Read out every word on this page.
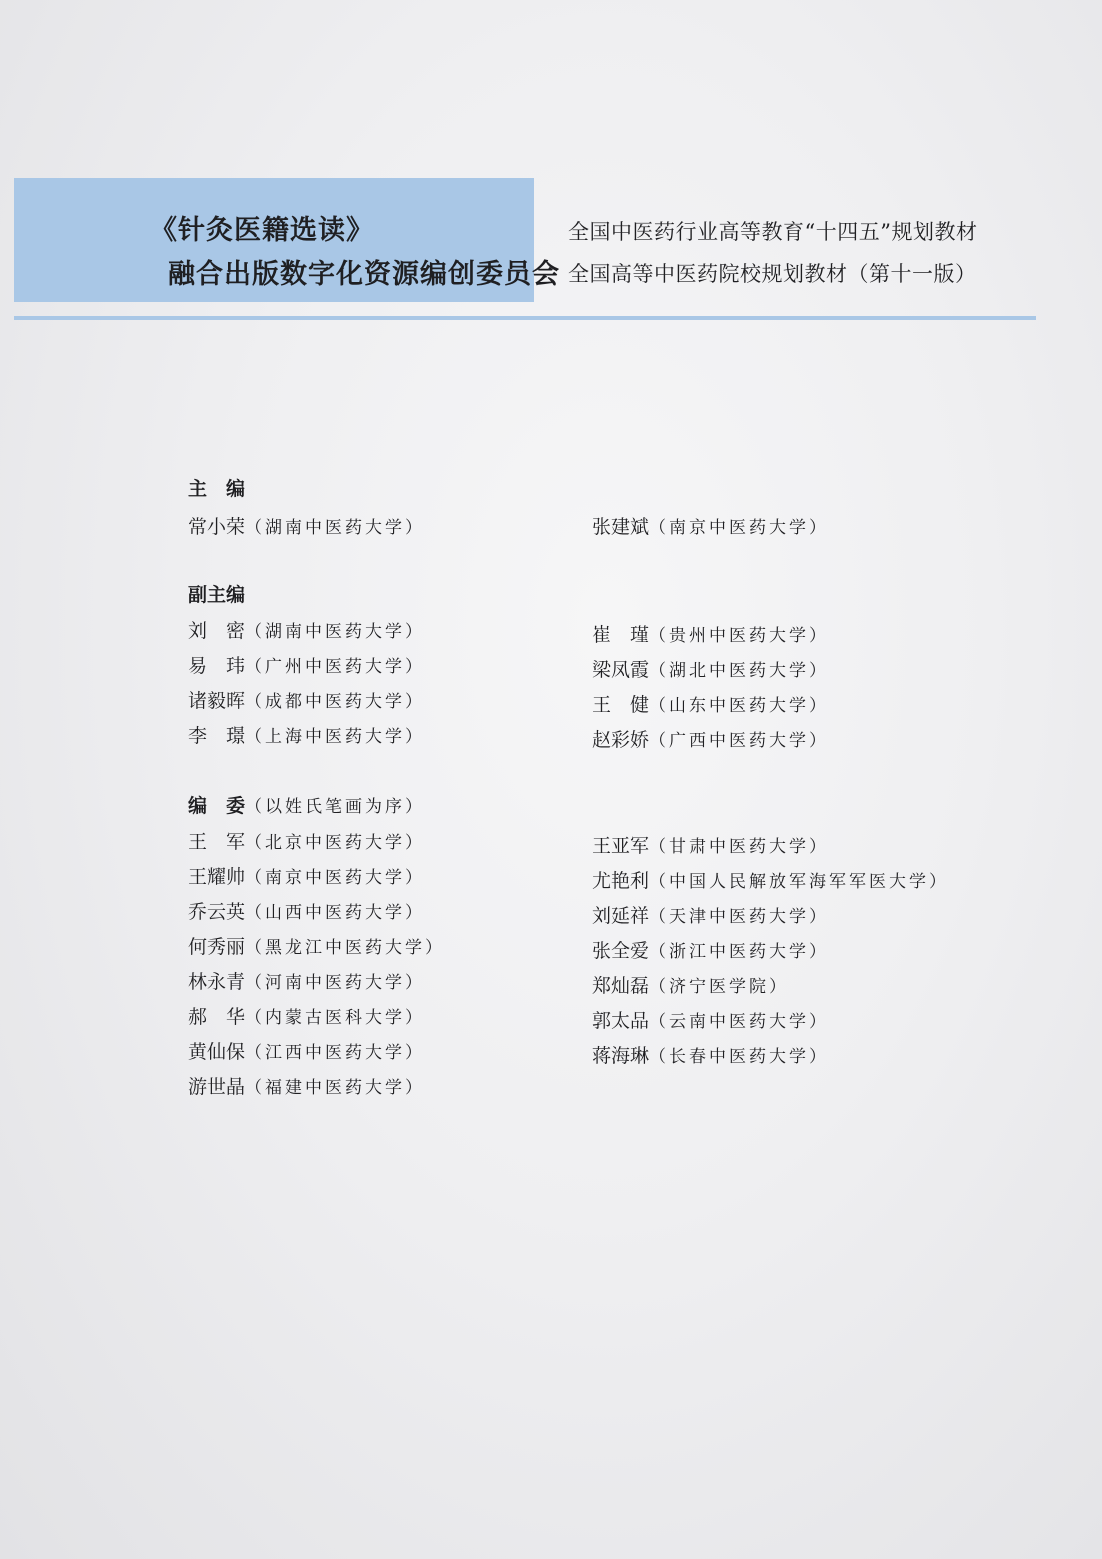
《针灸医籍选读》
融合出版数字化资源编创委员会
全国中医药行业高等教育“十四五”规划教材
全国高等中医药院校规划教材（第十一版）
主　编
常小荣（湖南中医药大学）	张建斌（南京中医药大学）
副主编
刘　密（湖南中医药大学）	崔　瑾（贵州中医药大学）
易　玮（广州中医药大学）	梁凤霞（湖北中医药大学）
诸毅晖（成都中医药大学）	王　健（山东中医药大学）
李　璟（上海中医药大学）	赵彩娇（广西中医药大学）
编　委（以姓氏笔画为序）
王　军（北京中医药大学）	王亚军（甘肃中医药大学）
王耀帅（南京中医药大学）	尤艳利（中国人民解放军海军军医大学）
乔云英（山西中医药大学）	刘延祥（天津中医药大学）
何秀丽（黑龙江中医药大学）	张全爱（浙江中医药大学）
林永青（河南中医药大学）	郑灿磊（济宁医学院）
郝　华（内蒙古医科大学）	郭太品（云南中医药大学）
黄仙保（江西中医药大学）	蒋海琳（长春中医药大学）
游世晶（福建中医药大学）
